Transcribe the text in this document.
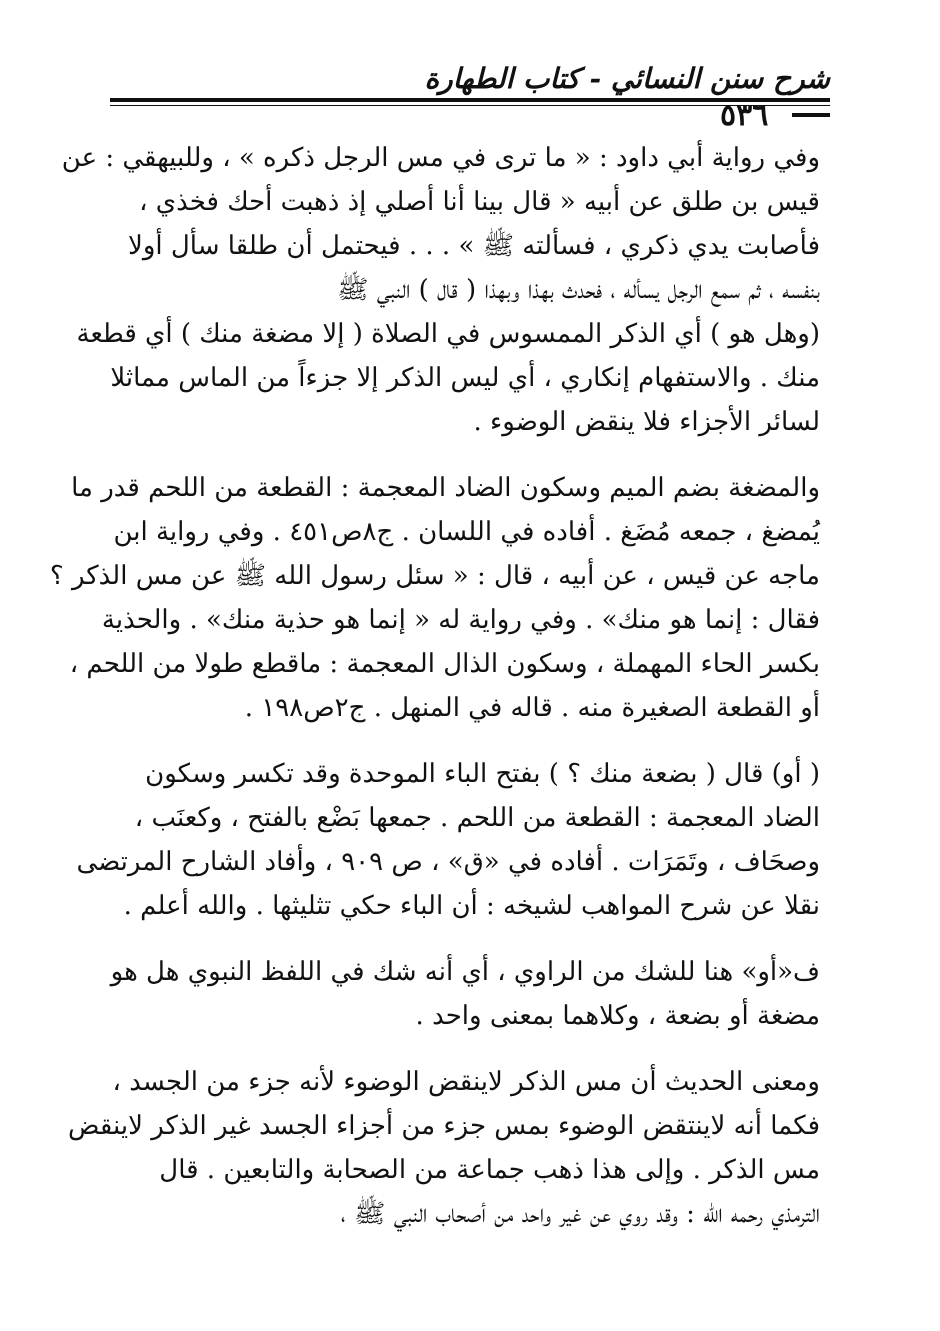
شرح سنن النسائي - كتاب الطهارة
٥٣٦
وفي رواية أبي داود : « ما ترى في مس الرجل ذكره » ، وللبيهقي : عن
قيس بن طلق عن أبيه « قال بينا أنا أصلي إذ ذهبت أحك فخذي ،
فأصابت يدي ذكري ، فسألته ﷺ » . . . فيحتمل أن طلقا سأل أولا
بنفسه ، ثم سمع الرجل يسأله ، فحدث بهذا وبهذا ( قال ) النبي ﷺ
(وهل هو ) أي الذكر الممسوس في الصلاة ( إلا مضغة منك ) أي قطعة
منك . والاستفهام إنكاري ، أي ليس الذكر إلا جزءاً من الماس مماثلا
لسائر الأجزاء فلا ينقض الوضوء .
والمضغة بضم الميم وسكون الضاد المعجمة : القطعة من اللحم قدر ما
يُمضغ ، جمعه مُضَغ . أفاده في اللسان . ج٨ص٤٥١ . وفي رواية ابن
ماجه عن قيس ، عن أبيه ، قال : « سئل رسول الله ﷺ عن مس الذكر ؟
فقال : إنما هو منك» . وفي رواية له « إنما هو حذية منك» . والحذية
بكسر الحاء المهملة ، وسكون الذال المعجمة : ماقطع طولا من اللحم ،
أو القطعة الصغيرة منه . قاله في المنهل . ج٢ص١٩٨ .
( أو) قال ( بضعة منك ؟ ) بفتح الباء الموحدة وقد تكسر وسكون
الضاد المعجمة : القطعة من اللحم . جمعها بَضْع بالفتح ، وكعنَب ،
وصحَاف ، وتَمَرَات . أفاده في «ق» ، ص ٩٠٩ ، وأفاد الشارح المرتضى
نقلا عن شرح المواهب لشيخه : أن الباء حكي تثليثها . والله أعلم .
ف«أو» هنا للشك من الراوي ، أي أنه شك في اللفظ النبوي هل هو
مضغة أو بضعة ، وكلاهما بمعنى واحد .
ومعنى الحديث أن مس الذكر لاينقض الوضوء لأنه جزء من الجسد ،
فكما أنه لاينتقض الوضوء بمس جزء من أجزاء الجسد غير الذكر لاينقض
مس الذكر . وإلى هذا ذهب جماعة من الصحابة والتابعين . قال
الترمذي رحمه الله : وقد روي عن غير واحد من أصحاب النبي ﷺ ،
